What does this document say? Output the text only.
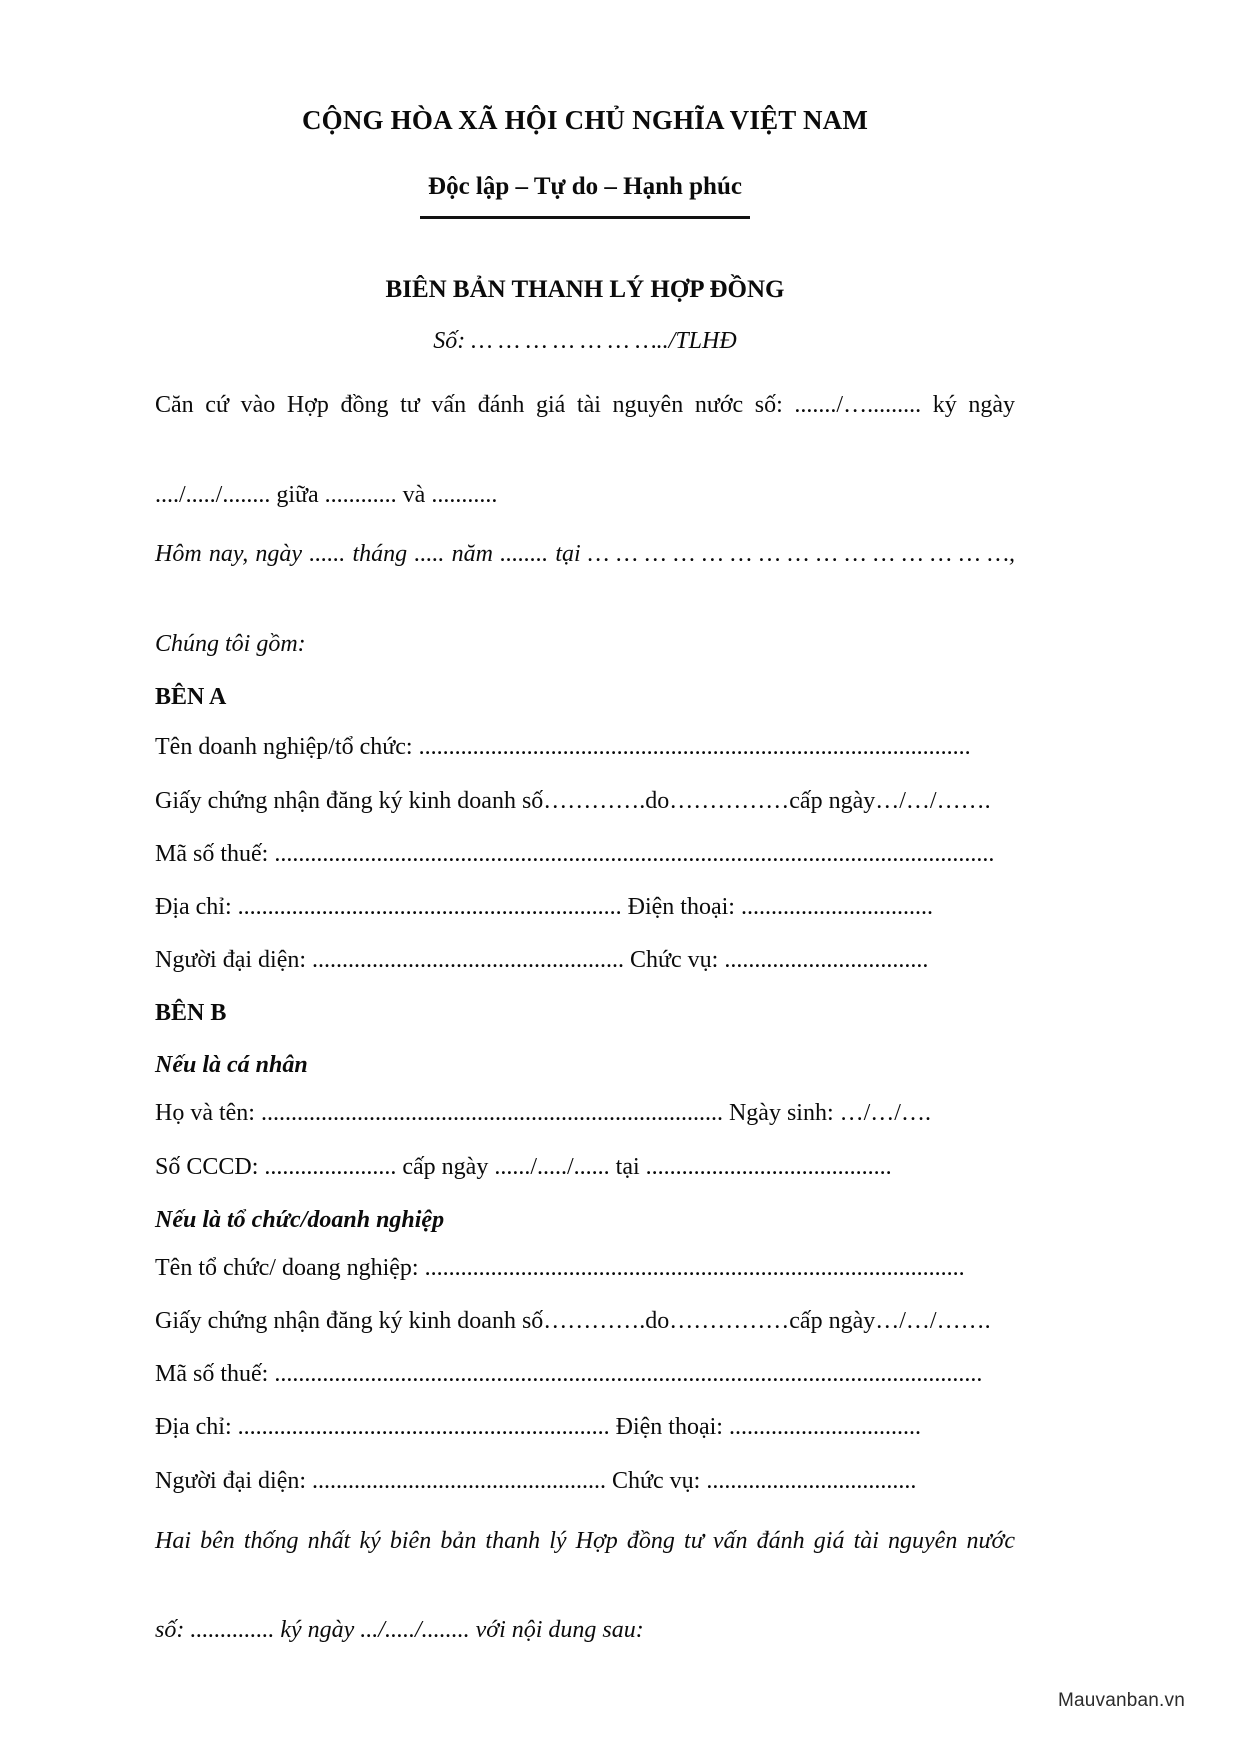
CỘNG HÒA XÃ HỘI CHỦ NGHĨA VIỆT NAM
Độc lập – Tự do – Hạnh phúc
BIÊN BẢN THANH LÝ HỢP ĐỒNG
Số: … … … … … … …../TLHĐ
Căn cứ vào Hợp đồng tư vấn đánh giá tài nguyên nước số: ......./…......... ký ngày
..../...../........ giữa ............ và ...........
Hôm nay, ngày ...... tháng ..... năm ........ tại … … … … … … … … … … … … … … …,
Chúng tôi gồm:
BÊN A
Tên doanh nghiệp/tổ chức: ............................................................................................
Giấy chứng nhận đăng ký kinh doanh số………….do……………cấp ngày…/…/…….
Mã số thuế: ........................................................................................................................
Địa chỉ: ................................................................ Điện thoại: ................................
Người đại diện: .................................................... Chức vụ: ..................................
BÊN B
Nếu là cá nhân
Họ và tên: ............................................................................. Ngày sinh: …/…/….
Số CCCD: ...................... cấp ngày ....../...../...... tại .........................................
Nếu là tổ chức/doanh nghiệp
Tên tổ chức/ doang nghiệp: ..........................................................................................
Giấy chứng nhận đăng ký kinh doanh số………….do……………cấp ngày…/…/…….
Mã số thuế: ......................................................................................................................
Địa chỉ: .............................................................. Điện thoại: ................................
Người đại diện: ................................................. Chức vụ: ...................................
Hai bên thống nhất ký biên bản thanh lý Hợp đồng tư vấn đánh giá tài nguyên nước
số: .............. ký ngày .../...../........ với nội dung sau:
Mauvanban.vn
